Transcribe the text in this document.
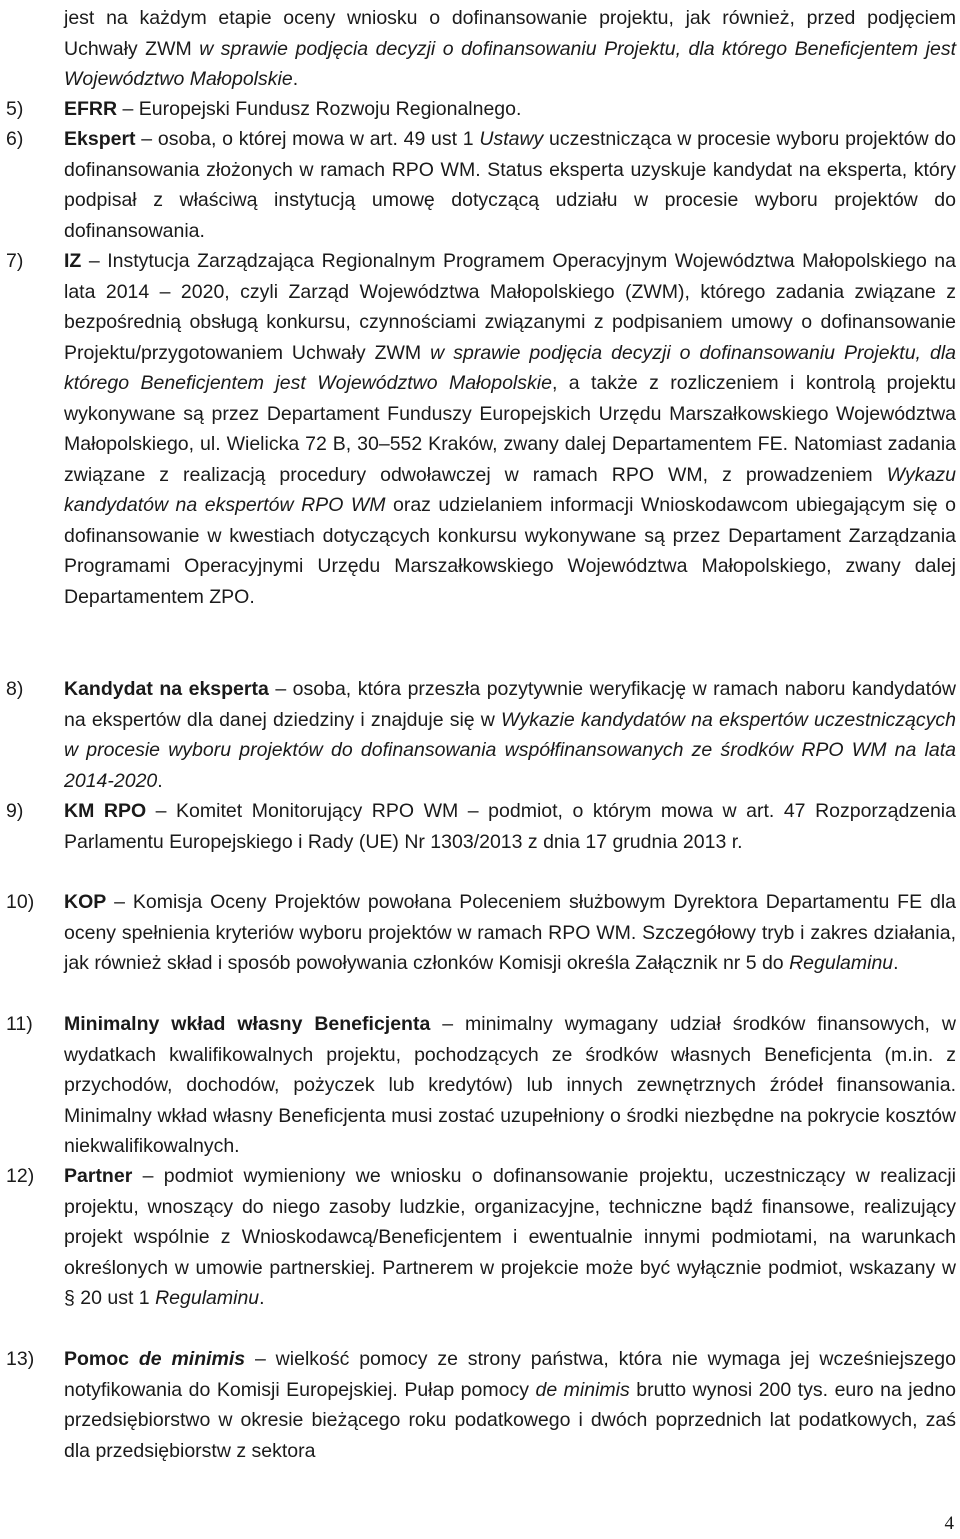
jest na każdym etapie oceny wniosku o dofinansowanie projektu, jak również, przed podjęciem Uchwały ZWM w sprawie podjęcia decyzji o dofinansowaniu Projektu, dla którego Beneficjentem jest Województwo Małopolskie.
5)	EFRR – Europejski Fundusz Rozwoju Regionalnego.
6)	Ekspert – osoba, o której mowa w art. 49 ust 1 Ustawy uczestnicząca w procesie wyboru projektów do dofinansowania złożonych w ramach RPO WM. Status eksperta uzyskuje kandydat na eksperta, który podpisał z właściwą instytucją umowę dotyczącą udziału w procesie wyboru projektów do dofinansowania.
7)	IZ – Instytucja Zarządzająca Regionalnym Programem Operacyjnym Województwa Małopolskiego na lata 2014 – 2020, czyli Zarząd Województwa Małopolskiego (ZWM), którego zadania związane z bezpośrednią obsługą konkursu, czynnościami związanymi z podpisaniem umowy o dofinansowanie Projektu/przygotowaniem Uchwały ZWM w sprawie podjęcia decyzji o dofinansowaniu Projektu, dla którego Beneficjentem jest Województwo Małopolskie, a także z rozliczeniem i kontrolą projektu wykonywane są przez Departament Funduszy Europejskich Urzędu Marszałkowskiego Województwa Małopolskiego, ul. Wielicka 72 B, 30–552 Kraków, zwany dalej Departamentem FE. Natomiast zadania związane z realizacją procedury odwoławczej w ramach RPO WM, z prowadzeniem Wykazu kandydatów na ekspertów RPO WM oraz udzielaniem informacji Wnioskodawcom ubiegającym się o dofinansowanie w kwestiach dotyczących konkursu wykonywane są przez Departament Zarządzania Programami Operacyjnymi Urzędu Marszałkowskiego Województwa Małopolskiego, zwany dalej Departamentem ZPO.
8)	Kandydat na eksperta – osoba, która przeszła pozytywnie weryfikację w ramach naboru kandydatów na ekspertów dla danej dziedziny i znajduje się w Wykazie kandydatów na ekspertów uczestniczących w procesie wyboru projektów do dofinansowania współfinansowanych ze środków RPO WM na lata 2014-2020.
9)	KM RPO – Komitet Monitorujący RPO WM – podmiot, o którym mowa w art. 47 Rozporządzenia Parlamentu Europejskiego i Rady (UE) Nr 1303/2013 z dnia 17 grudnia 2013 r.
10)	KOP – Komisja Oceny Projektów powołana Poleceniem służbowym Dyrektora Departamentu FE dla oceny spełnienia kryteriów wyboru projektów w ramach RPO WM. Szczegółowy tryb i zakres działania, jak również skład i sposób powoływania członków Komisji określa Załącznik nr 5 do Regulaminu.
11)	Minimalny wkład własny Beneficjenta – minimalny wymagany udział środków finansowych, w wydatkach kwalifikowalnych projektu, pochodzących ze środków własnych Beneficjenta (m.in. z przychodów, dochodów, pożyczek lub kredytów) lub innych zewnętrznych źródeł finansowania. Minimalny wkład własny Beneficjenta musi zostać uzupełniony o środki niezbędne na pokrycie kosztów niekwalifikowalnych.
12)	Partner – podmiot wymieniony we wniosku o dofinansowanie projektu, uczestniczący w realizacji projektu, wnoszący do niego zasoby ludzkie, organizacyjne, techniczne bądź finansowe, realizujący projekt wspólnie z Wnioskodawcą/Beneficjentem i ewentualnie innymi podmiotami, na warunkach określonych w umowie partnerskiej. Partnerem w projekcie może być wyłącznie podmiot, wskazany w § 20 ust 1 Regulaminu.
13)	Pomoc de minimis – wielkość pomocy ze strony państwa, która nie wymaga jej wcześniejszego notyfikowania do Komisji Europejskiej. Pułap pomocy de minimis brutto wynosi 200 tys. euro na jedno przedsiębiorstwo w okresie bieżącego roku podatkowego i dwóch poprzednich lat podatkowych, zaś dla przedsiębiorstw z sektora
4
